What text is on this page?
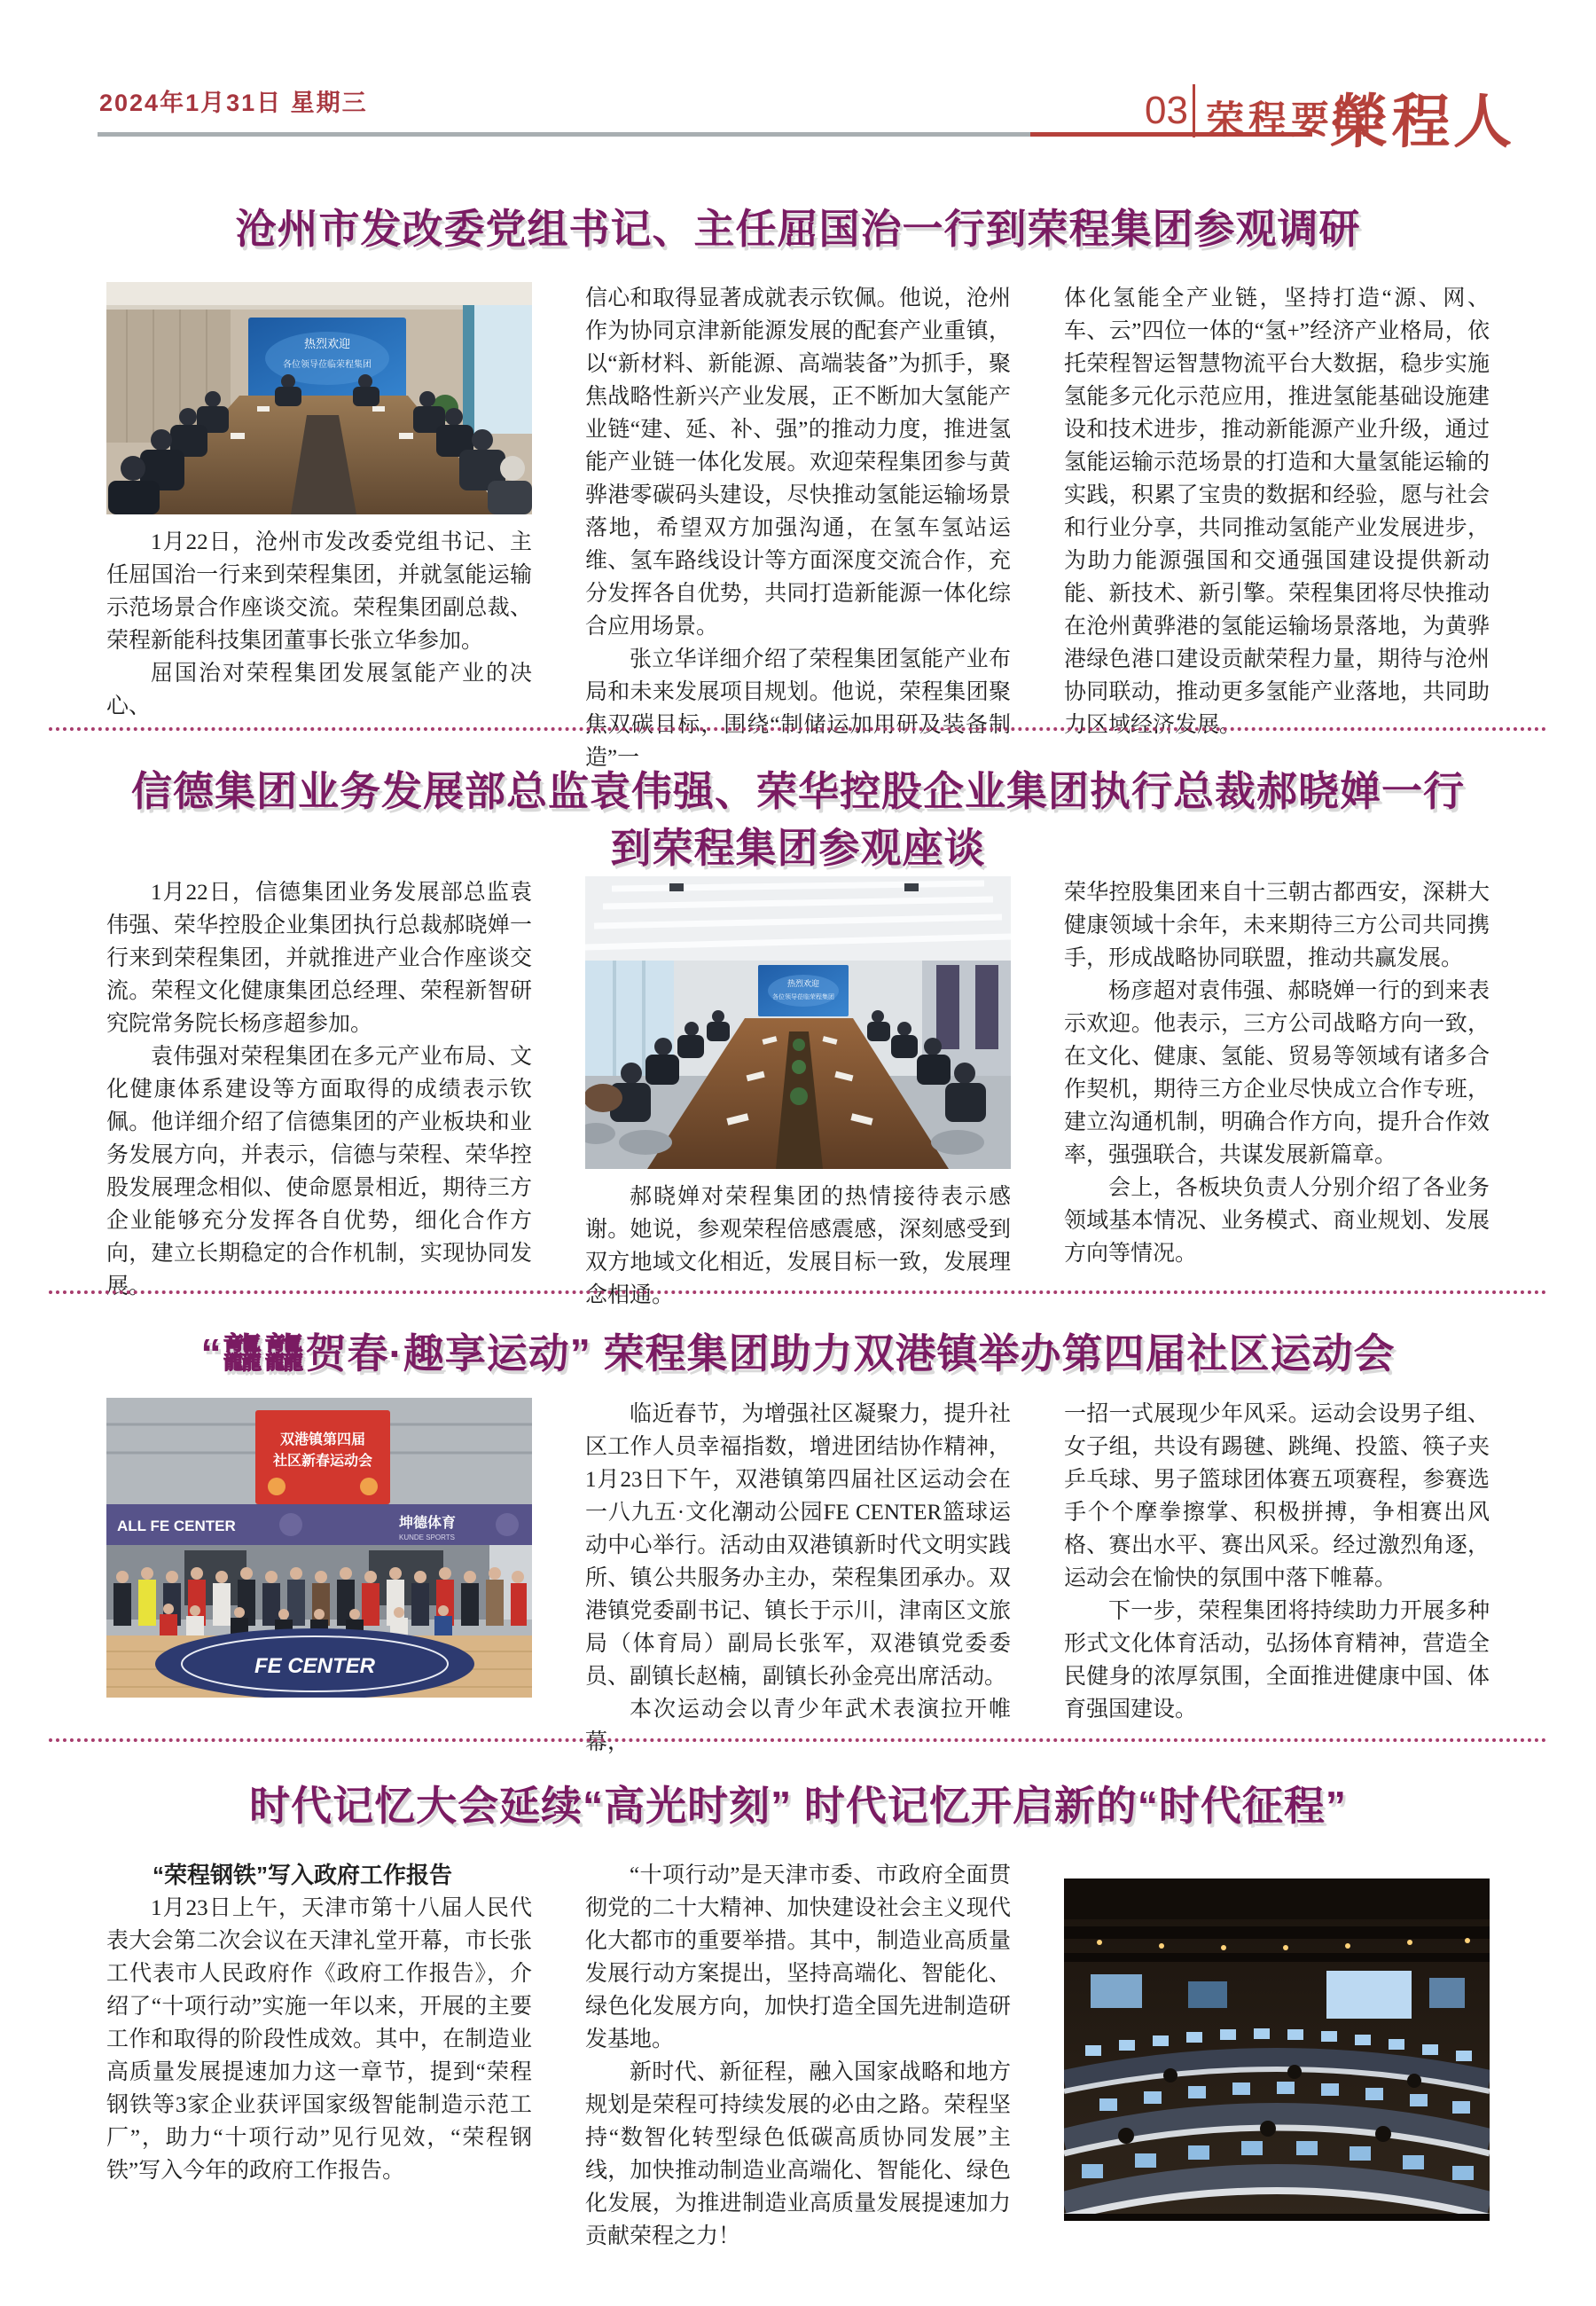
2024年1月31日 星期三	03 荣程要闻
榮程人
沧州市发改委党组书记、主任屈国治一行到荣程集团参观调研
热烈欢迎
各位领导莅临荣程集团

1月22日，沧州市发改委党组书记、主任屈国治一行来到荣程集团，并就氢能运输示范场景合作座谈交流。荣程集团副总裁、荣程新能科技集团董事长张立华参加。

屈国治对荣程集团发展氢能产业的决心、

信心和取得显著成就表示钦佩。他说，沧州作为协同京津新能源发展的配套产业重镇，以“新材料、新能源、高端装备”为抓手，聚焦战略性新兴产业发展，正不断加大氢能产业链“建、延、补、强”的推动力度，推进氢能产业链一体化发展。欢迎荣程集团参与黄骅港零碳码头建设，尽快推动氢能运输场景落地，希望双方加强沟通，在氢车氢站运维、氢车路线设计等方面深度交流合作，充分发挥各自优势，共同打造新能源一体化综合应用场景。

张立华详细介绍了荣程集团氢能产业布局和未来发展项目规划。他说，荣程集团聚焦双碳目标，围绕“制储运加用研及装备制造”一

体化氢能全产业链，坚持打造“源、网、车、云”四位一体的“氢+”经济产业格局，依托荣程智运智慧物流平台大数据，稳步实施氢能多元化示范应用，推进氢能基础设施建设和技术进步，推动新能源产业升级，通过氢能运输示范场景的打造和大量氢能运输的实践，积累了宝贵的数据和经验，愿与社会和行业分享，共同推动氢能产业发展进步，为助力能源强国和交通强国建设提供新动能、新技术、新引擎。荣程集团将尽快推动在沧州黄骅港的氢能运输场景落地，为黄骅港绿色港口建设贡献荣程力量，期待与沧州协同联动，推动更多氢能产业落地，共同助力区域经济发展。

信德集团业务发展部总监袁伟强、荣华控股企业集团执行总裁郝晓婵一行
到荣程集团参观座谈

1月22日，信德集团业务发展部总监袁伟强、荣华控股企业集团执行总裁郝晓婵一行来到荣程集团，并就推进产业合作座谈交流。荣程文化健康集团总经理、荣程新智研究院常务院长杨彦超参加。

袁伟强对荣程集团在多元产业布局、文化健康体系建设等方面取得的成绩表示钦佩。他详细介绍了信德集团的产业板块和业务发展方向，并表示，信德与荣程、荣华控股发展理念相似、使命愿景相近，期待三方企业能够充分发挥各自优势，细化合作方向，建立长期稳定的合作机制，实现协同发展。

热烈欢迎
各位领导莅临荣程集团

郝晓婵对荣程集团的热情接待表示感谢。她说，参观荣程倍感震感，深刻感受到双方地域文化相近，发展目标一致，发展理念相通。

荣华控股集团来自十三朝古都西安，深耕大健康领域十余年，未来期待三方公司共同携手，形成战略协同联盟，推动共赢发展。

杨彦超对袁伟强、郝晓婵一行的到来表示欢迎。他表示，三方公司战略方向一致，在文化、健康、氢能、贸易等领域有诸多合作契机，期待三方企业尽快成立合作专班，建立沟通机制，明确合作方向，提升合作效率，强强联合，共谋发展新篇章。

会上，各板块负责人分别介绍了各业务领域基本情况、业务模式、商业规划、发展方向等情况。

“龘龘贺春·趣享运动” 荣程集团助力双港镇举办第四届社区运动会
双港镇第四届
社区新春运动会
ALL FE CENTER	坤德体育
KUNDE SPORTS
FE CENTER

临近春节，为增强社区凝聚力，提升社区工作人员幸福指数，增进团结协作精神，1月23日下午，双港镇第四届社区运动会在一八九五·文化潮动公园FE CENTER篮球运动中心举行。活动由双港镇新时代文明实践所、镇公共服务办主办，荣程集团承办。双港镇党委副书记、镇长于示川，津南区文旅局（体育局）副局长张军，双港镇党委委员、副镇长赵楠，副镇长孙金亮出席活动。

本次运动会以青少年武术表演拉开帷幕，

一招一式展现少年风采。运动会设男子组、女子组，共设有踢毽、跳绳、投篮、筷子夹乒乓球、男子篮球团体赛五项赛程，参赛选手个个摩拳擦掌、积极拼搏，争相赛出风格、赛出水平、赛出风采。经过激烈角逐，运动会在愉快的氛围中落下帷幕。

下一步，荣程集团将持续助力开展多种形式文化体育活动，弘扬体育精神，营造全民健身的浓厚氛围，全面推进健康中国、体育强国建设。

时代记忆大会延续“高光时刻” 时代记忆开启新的“时代征程”

“荣程钢铁”写入政府工作报告

1月23日上午，天津市第十八届人民代表大会第二次会议在天津礼堂开幕，市长张工代表市人民政府作《政府工作报告》，介绍了“十项行动”实施一年以来，开展的主要工作和取得的阶段性成效。其中，在制造业高质量发展提速加力这一章节，提到“荣程钢铁等3家企业获评国家级智能制造示范工厂”，助力“十项行动”见行见效，“荣程钢铁”写入今年的政府工作报告。

“十项行动”是天津市委、市政府全面贯彻党的二十大精神、加快建设社会主义现代化大都市的重要举措。其中，制造业高质量发展行动方案提出，坚持高端化、智能化、绿色化发展方向，加快打造全国先进制造研发基地。

新时代、新征程，融入国家战略和地方规划是荣程可持续发展的必由之路。荣程坚持“数智化转型绿色低碳高质协同发展”主线，加快推动制造业高端化、智能化、绿色化发展，为推进制造业高质量发展提速加力贡献荣程之力！
